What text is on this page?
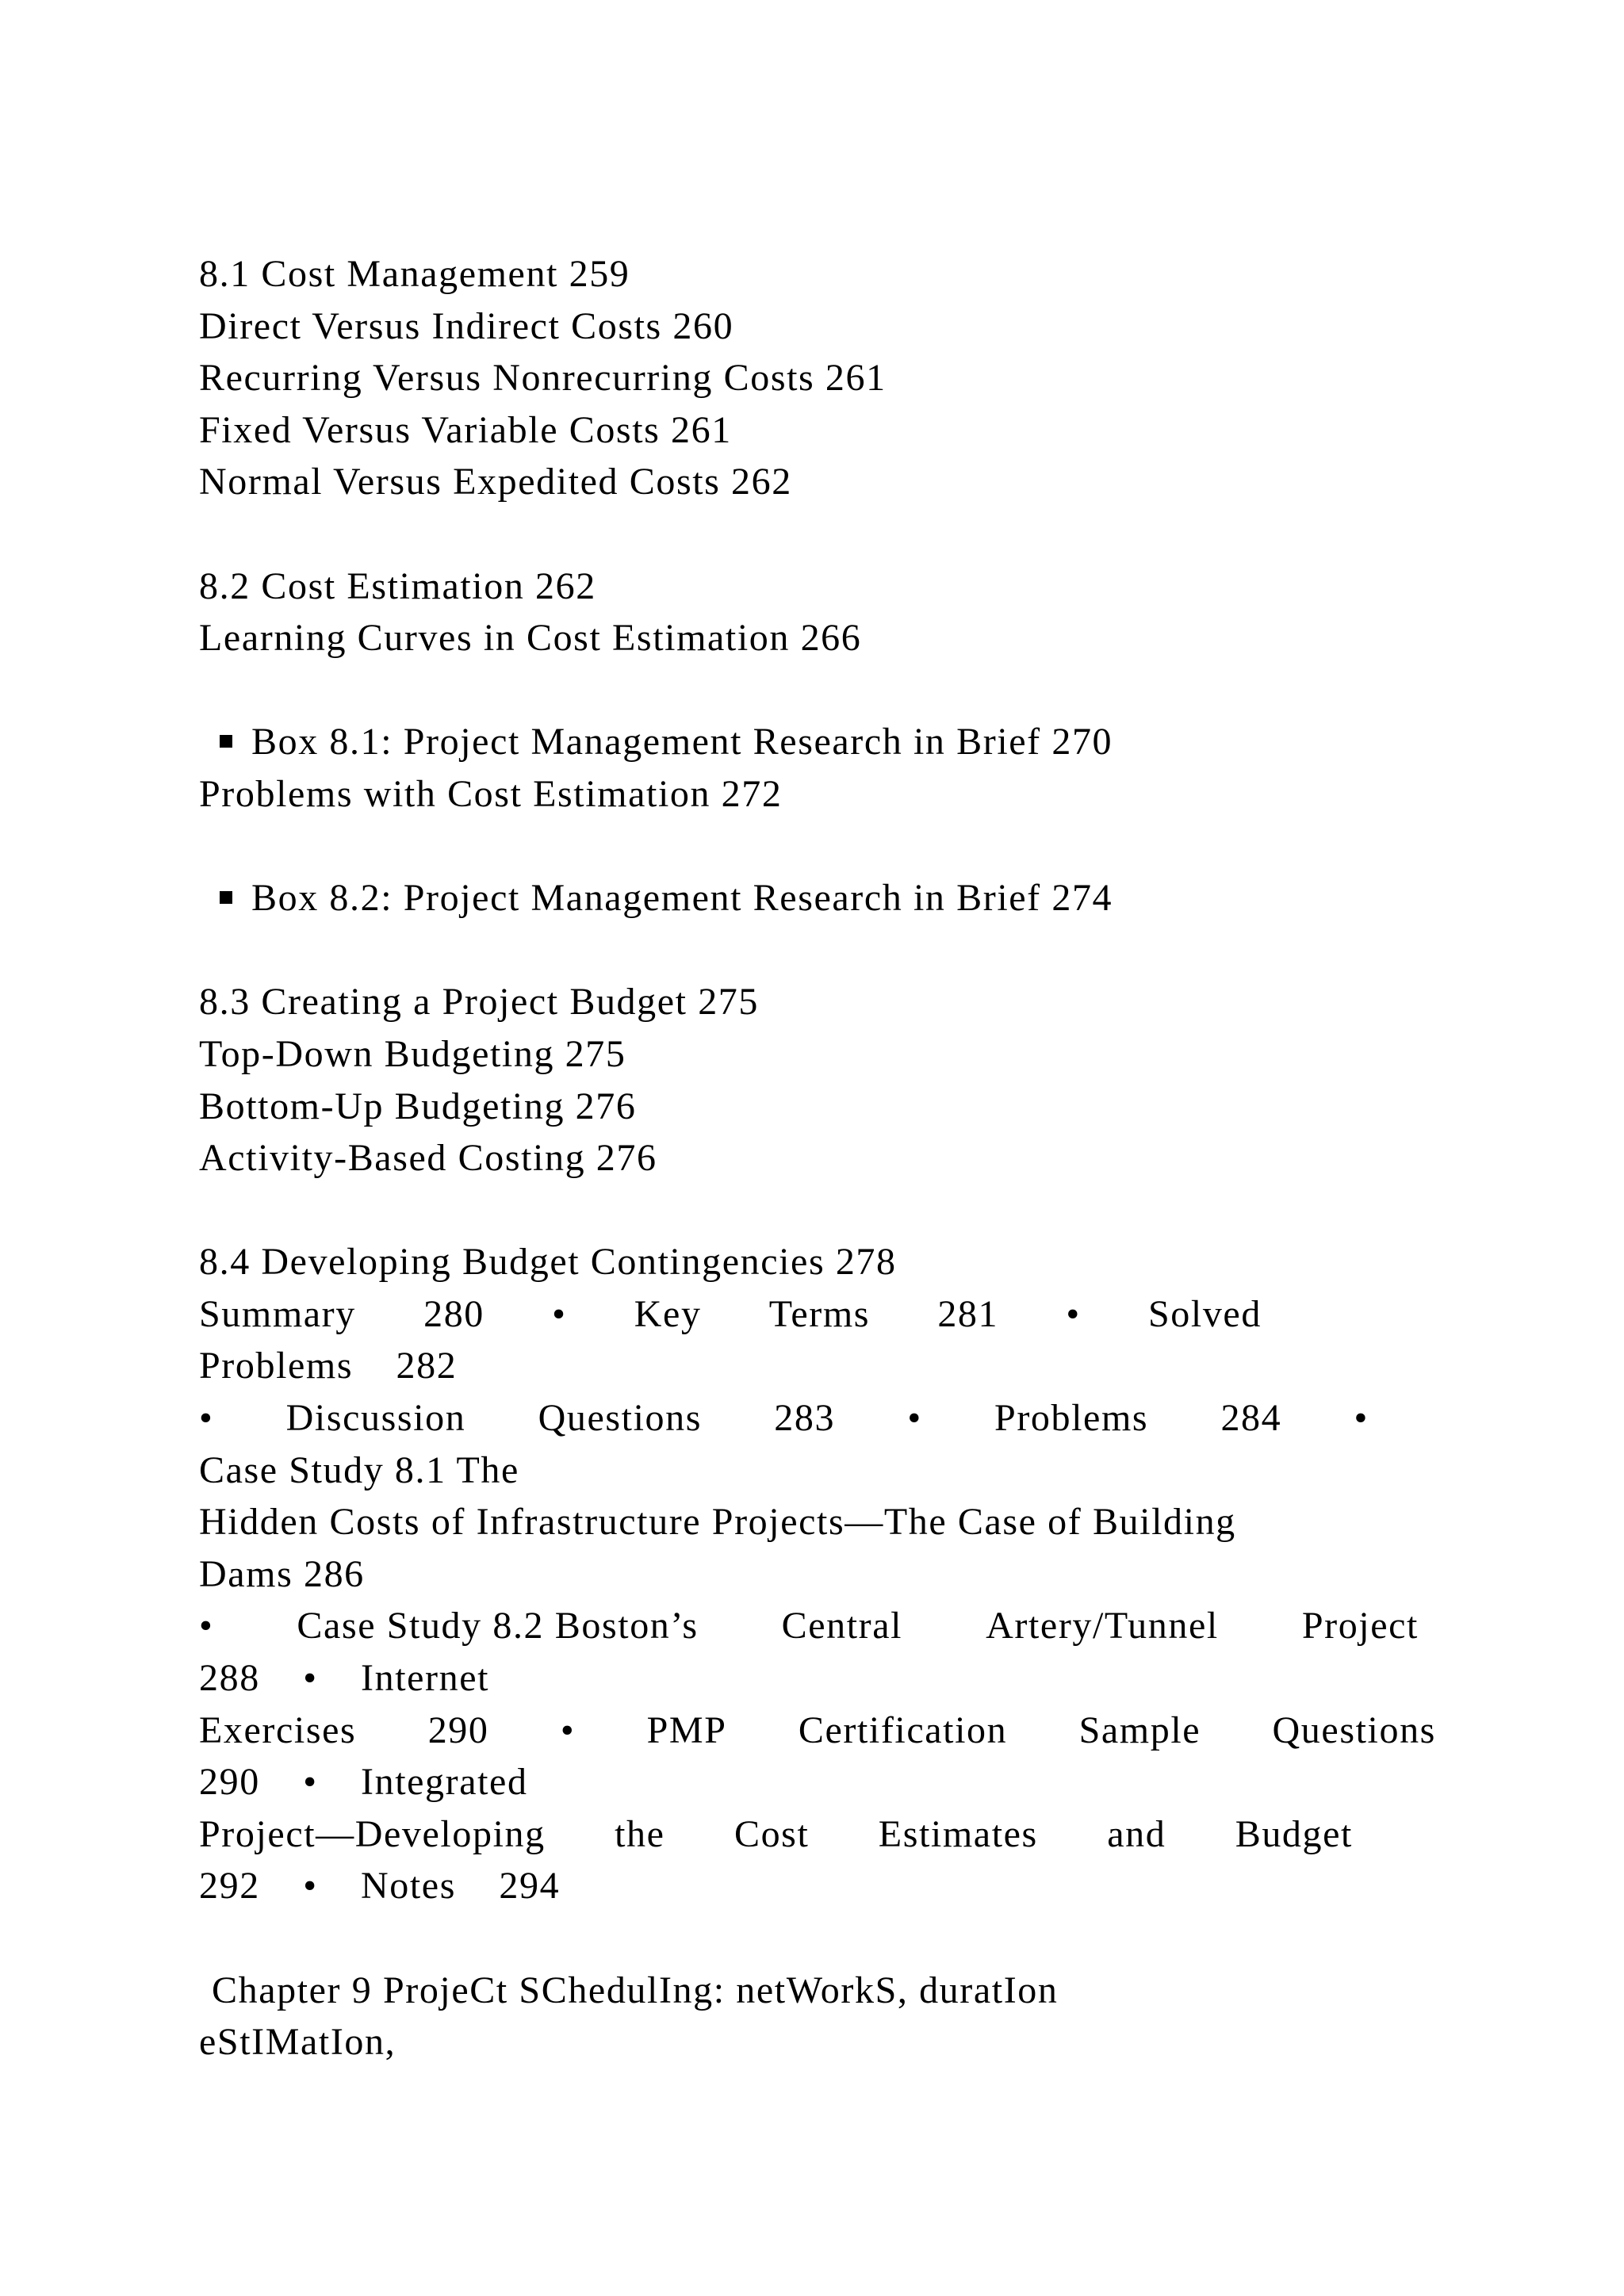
8.1 Cost Management 259
Direct Versus Indirect Costs 260
Recurring Versus Nonrecurring Costs 261
Fixed Versus Variable Costs 261
Normal Versus Expedited Costs 262
8.2 Cost Estimation 262
Learning Curves in Cost Estimation 266
Box 8.1: Project Management Research in Brief 270
Problems with Cost Estimation 272
Box 8.2: Project Management Research in Brief 274
8.3 Creating a Project Budget 275
Top-Down Budgeting 275
Bottom-Up Budgeting 276
Activity-Based Costing 276
8.4 Developing Budget Contingencies 278
Summary 280 • Key Terms 281 • Solved
Problems    282
• Discussion Questions 283 • Problems 284 •
Case Study 8.1 The
Hidden Costs of Infrastructure Projects—The Case of Building
Dams 286
• Case Study 8.2 Boston’s Central Artery/Tunnel Project
288    •    Internet
Exercises 290 • PMP Certification Sample Questions
290    •    Integrated
Project—Developing the Cost Estimates and Budget
292    •    Notes    294
Chapter 9 ProjeCt SChedulIng: netWorkS, duratIon
eStIMatIon,
